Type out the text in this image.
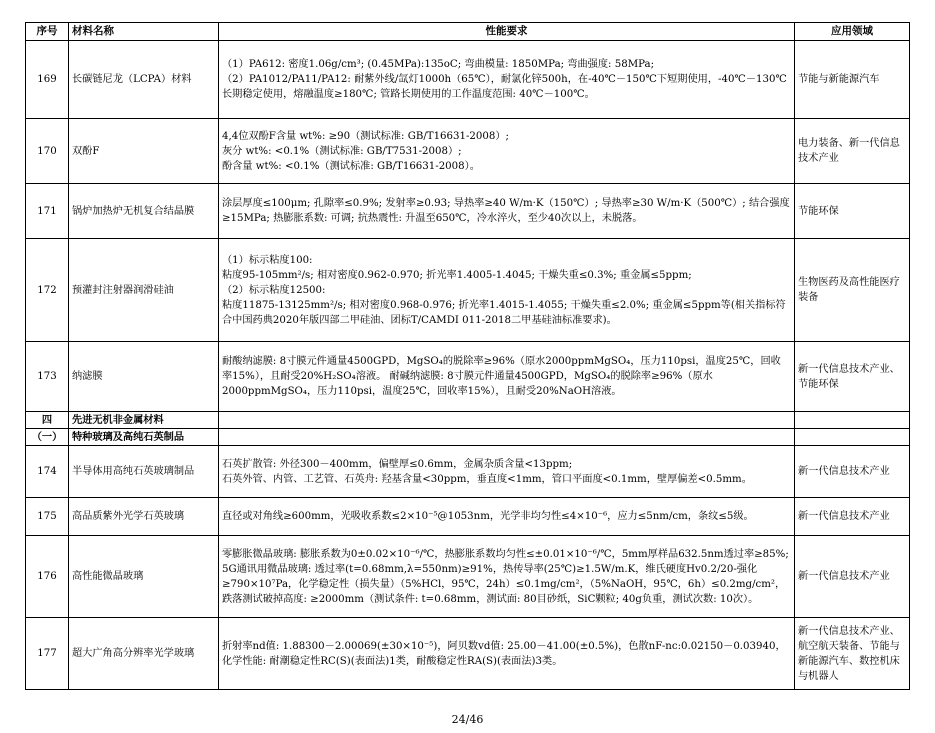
序号	材料名称	性能要求	应用领域
169	长碳链尼龙（LCPA）材料	（1）PA612: 密度1.06g/cm³; (0.45MPa):135oC; 弯曲模量: 1850MPa; 弯曲强度: 58MPa;
（2）PA1012/PA11/PA12: 耐紫外线/氙灯1000h（65℃），耐氯化锌500h，在-40℃－150℃下短期使用，-40℃－130℃长期稳定使用，熔融温度≥180℃; 管路长期使用的工作温度范围: 40℃－100℃。	节能与新能源汽车
170	双酚F	4,4位双酚F含量 wt%: ≥90（测试标准: GB/T16631-2008）;
灰分 wt%: <0.1%（测试标准: GB/T7531-2008）;
酚含量 wt%: <0.1%（测试标准: GB/T16631-2008）。	电力装备、新一代信息技术产业
171	锅炉加热炉无机复合结晶膜	涂层厚度≤100μm; 孔隙率≤0.9%; 发射率≥0.93; 导热率≥40 W/m·K（150℃）; 导热率≥30 W/m·K（500℃）; 结合强度≥15MPa; 热膨胀系数: 可调; 抗热震性: 升温至650℃，冷水淬火，至少40次以上，未脱落。	节能环保
172	预灌封注射器润滑硅油	（1）标示粘度100:
粘度95-105mm²/s; 相对密度0.962-0.970; 折光率1.4005-1.4045; 干燥失重≤0.3%; 重金属≤5ppm;
（2）标示粘度12500:
粘度11875-13125mm²/s; 相对密度0.968-0.976; 折光率1.4015-1.4055; 干燥失重≤2.0%; 重金属≤5ppm等(相关指标符合中国药典2020年版四部二甲硅油、团标T/CAMDI 011-2018二甲基硅油标准要求)。	生物医药及高性能医疗装备
173	纳滤膜	耐酸纳滤膜: 8寸膜元件通量4500GPD，MgSO₄的脱除率≥96%（原水2000ppmMgSO₄，压力110psi，温度25℃，回收率15%），且耐受20%H₂SO₄溶液。 耐碱纳滤膜: 8寸膜元件通量4500GPD，MgSO₄的脱除率≥96%（原水2000ppmMgSO₄，压力110psi，温度25℃，回收率15%），且耐受20%NaOH溶液。	新一代信息技术产业、节能环保
四	先进无机非金属材料		
（一）	特种玻璃及高纯石英制品		
174	半导体用高纯石英玻璃制品	石英扩散管: 外径300－400mm，偏壁厚≤0.6mm，金属杂质含量<13ppm;
石英外管、内管、工艺管、石英舟: 羟基含量<30ppm，垂直度<1mm，管口平面度<0.1mm，壁厚偏差<0.5mm。	新一代信息技术产业
175	高品质紫外光学石英玻璃	直径或对角线≥600mm，光吸收系数≤2×10⁻⁵@1053nm，光学非均匀性≤4×10⁻⁶，应力≤5nm/cm，条纹≤5级。	新一代信息技术产业
176	高性能微晶玻璃	零膨胀微晶玻璃: 膨胀系数为0±0.02×10⁻⁶/℃，热膨胀系数均匀性≤±0.01×10⁻⁶/℃，5mm厚样品632.5nm透过率≥85%;
5G通讯用微晶玻璃: 透过率(t=0.68mm,λ=550nm)≥91%，热传导率(25℃)≥1.5W/m.K，维氏硬度Hv0.2/20-强化≥790×10⁷Pa，化学稳定性（损失量）（5%HCl，95℃，24h）≤0.1mg/cm²，（5%NaOH，95℃，6h）≤0.2mg/cm²，跌落测试破掉高度: ≥2000mm（测试条件: t=0.68mm，测试面: 80目砂纸，SiC颗粒; 40g负重，测试次数: 10次）。	新一代信息技术产业
177	超大广角高分辨率光学玻璃	折射率nd值: 1.88300－2.00069(±30×10⁻⁵)，阿贝数vd值: 25.00－41.00(±0.5%)，色散nF-nc:0.02150－0.03940，化学性能: 耐潮稳定性RC(S)(表面法)1类，耐酸稳定性RA(S)(表面法)3类。	新一代信息技术产业、航空航天装备、节能与新能源汽车、数控机床与机器人
24/46
